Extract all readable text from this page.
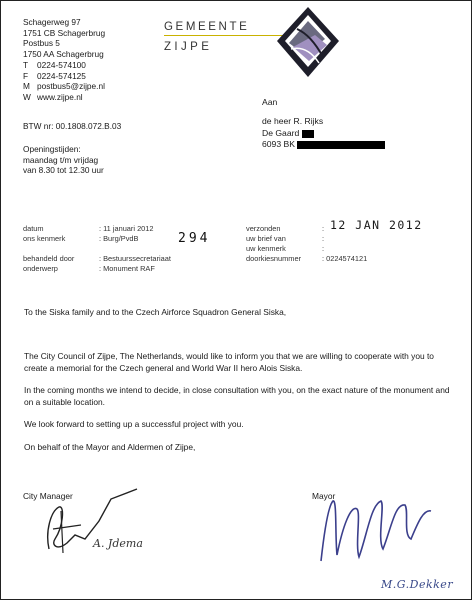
Schagerweg 97
1751 CB Schagerbrug
Postbus 5
1750 AA Schagerbrug
T 0224-574100
F 0224-574125
M postbus5@zijpe.nl
W www.zijpe.nl
BTW nr: 00.1808.072.B.03
Openingstijden:
maandag t/m vrijdag
van 8.30 tot 12.30 uur
GEMEENTE
ZIJPE
Aan
de heer R. Rijks
De Gaard
6093 BK
datum	: 11 januari 2012
ons kenmerk	: Burg/PvdB
behandeld door	: Bestuurssecretariaat
onderwerp	: Monument RAF
verzonden	:
uw brief van	:
uw kenmerk	:
doorkiesnummer	: 0224574121
294
12 JAN 2012
To the Siska family and to the Czech Airforce Squadron General Siska,
The City Council of Zijpe, The Netherlands, would like to inform you that we are willing to cooperate with you to create a memorial for the Czech general and World War II hero Alois Siska.
In the coming months we intend to decide, in close consultation with you, on the exact nature of the monument and on a suitable location.
We look forward to setting up a successful project with you.
On behalf of the Mayor and Aldermen of Zijpe,
City Manager
A. Jdema
Mayor
M.G.Dekker
